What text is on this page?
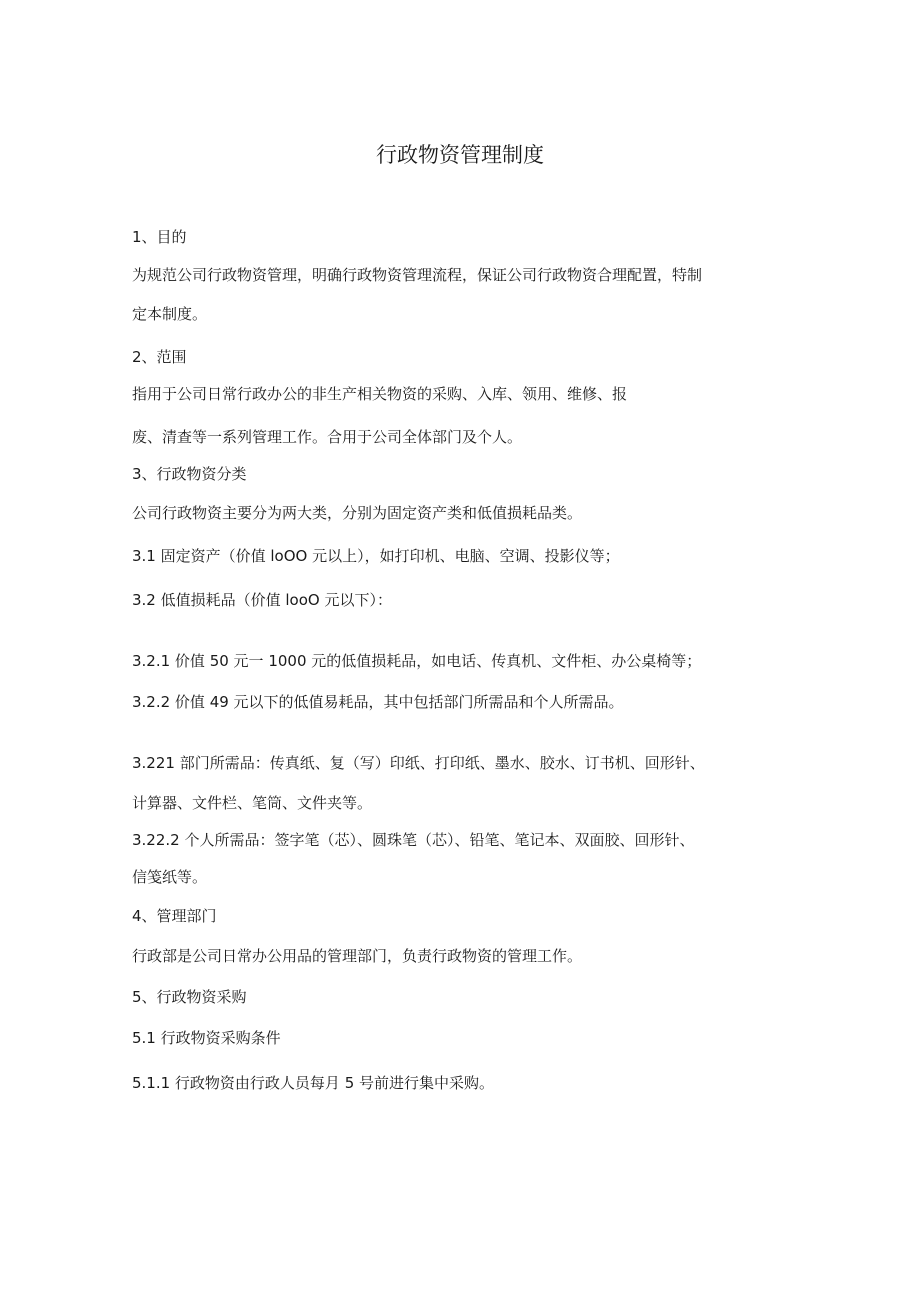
行政物资管理制度
1、目的
为规范公司行政物资管理，明确行政物资管理流程，保证公司行政物资合理配置，特制
定本制度。
2、范围
指用于公司日常行政办公的非生产相关物资的采购、入库、领用、维修、报
废、清查等一系列管理工作。合用于公司全体部门及个人。
3、行政物资分类
公司行政物资主要分为两大类，分别为固定资产类和低值损耗品类。
3.1 固定资产（价值 loOO 元以上），如打印机、电脑、空调、投影仪等；
3.2 低值损耗品（价值 looO 元以下）：
3.2.1 价值 50 元一 1000 元的低值损耗品，如电话、传真机、文件柜、办公桌椅等；
3.2.2 价值 49 元以下的低值易耗品，其中包括部门所需品和个人所需品。
3.221 部门所需品：传真纸、复（写）印纸、打印纸、墨水、胶水、订书机、回形针、
计算器、文件栏、笔筒、文件夹等。
3.22.2 个人所需品：签字笔（芯）、圆珠笔（芯）、铅笔、笔记本、双面胶、回形针、
信笺纸等。
4、管理部门
行政部是公司日常办公用品的管理部门，负责行政物资的管理工作。
5、行政物资采购
5.1 行政物资采购条件
5.1.1 行政物资由行政人员每月 5 号前进行集中采购。
